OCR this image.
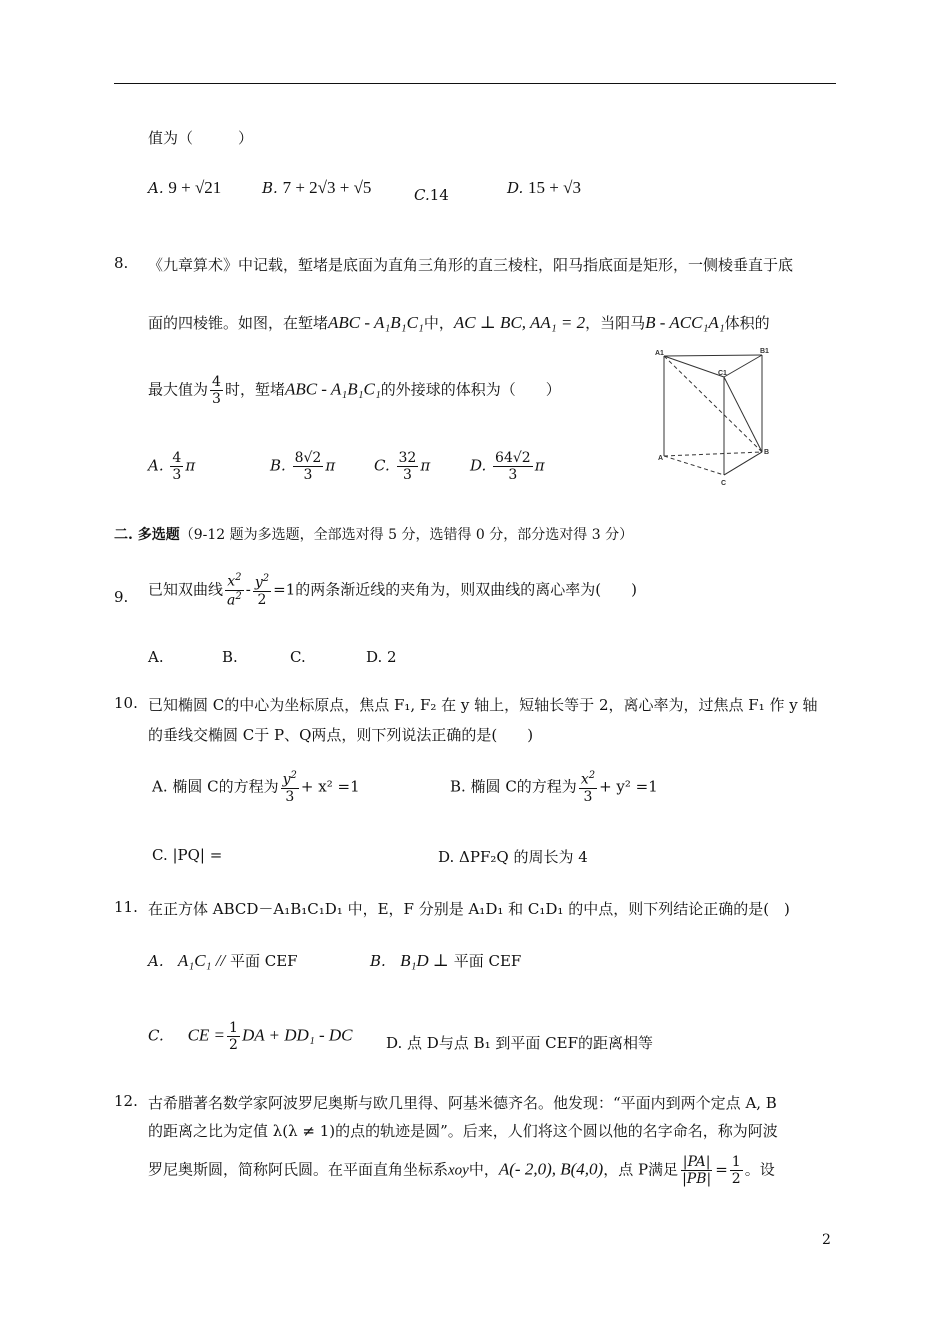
值为（　　　）
A. 9 + √21	B. 7 + 2√3 + √5	C.14	D. 15 + √3
8. 《九章算术》中记载，堑堵是底面为直角三角形的直三棱柱，阳马指底面是矩形，一侧棱垂直于底
面的四棱锥。如图，在堑堵ABC - A₁B₁C₁中，AC ⊥ BC, AA₁ = 2，当阳马B - ACC₁A₁体积的
最大值为 $\frac{4}{3}$ 时，堑堵ABC - A₁B₁C₁的外接球的体积为（　　）
A1	B1
C1
A
B
C
A. $\frac{4}{3}$ π	B. $\frac{8√2}{3}$ π	C. $\frac{32}{3}$ π	D. $\frac{64√2}{3}$ π
二. 多选题（9-12 题为多选题，全部选对得 5 分，选错得 0 分，部分选对得 3 分）
9. 已知双曲线 $\frac{x^2}{a^2} - \frac{y^2}{2} =1$的两条渐近线的夹角为，则双曲线的离心率为(　　)
A.	B.	C.	D. 2
10. 已知椭圆 C的中心为坐标原点，焦点 F₁, F₂ 在 y 轴上，短轴长等于 2，离心率为，过焦点 F₁ 作 y 轴
的垂线交椭圆 C于 P、Q两点，则下列说法正确的是(　　)
A. 椭圆 C的方程为 $\frac{y^2}{3} + x^2 =1$	B. 椭圆 C的方程为 $\frac{x^2}{3} + y^2 =1$
C. |PQ| =	D. ΔPF₂Q 的周长为 4
11. 在正方体 ABCD－A₁B₁C₁D₁ 中，E，F 分别是 A₁D₁ 和 C₁D₁ 的中点，则下列结论正确的是(　)
A. A₁C₁ // 平面 CEF	B. B₁D ⊥ 平面 CEF
C. CE = $\frac{1}{2}$ DA + DD₁ - DC D. 点 D与点 B₁ 到平面 CEF的距离相等
12. 古希腊著名数学家阿波罗尼奥斯与欧几里得、阿基米德齐名。他发现：“平面内到两个定点 A, B
的距离之比为定值 λ(λ ≠ 1)的点的轨迹是圆”。后来，人们将这个圆以他的名字命名，称为阿波
罗尼奥斯圆，简称阿氏圆。在平面直角坐标系xoy中，A(- 2,0), B(4,0)，点 P满足 $\frac{|PA|}{|PB|} = \frac{1}{2}$ 。设
2
